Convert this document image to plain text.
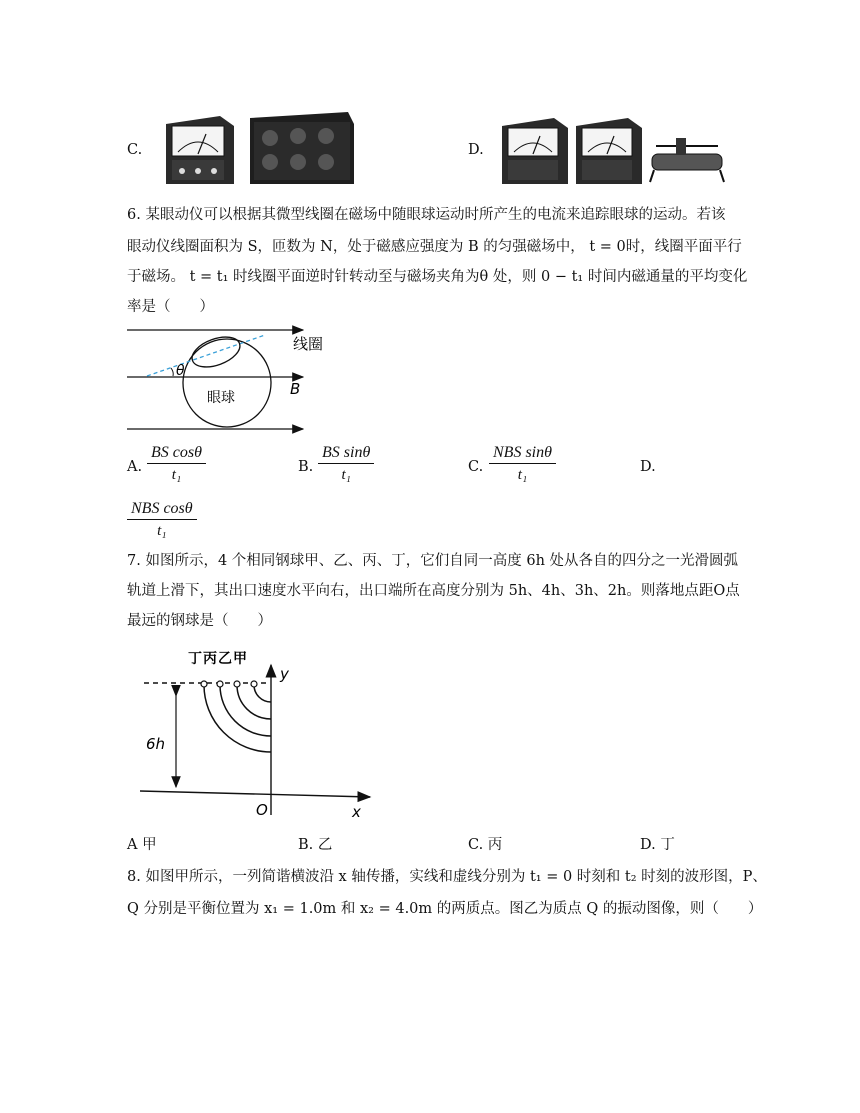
C.	D.
6. 某眼动仪可以根据其微型线圈在磁场中随眼球运动时所产生的电流来追踪眼球的运动。若该
眼动仪线圈面积为 S，匝数为 N，处于磁感应强度为 B 的匀强磁场中， t = 0时，线圈平面平行
于磁场。 t = t₁ 时线圈平面逆时针转动至与磁场夹角为θ 处，则 0 − t₁ 时间内磁通量的平均变化
率是（　　）
θ
线圈
眼球	B
A. $\frac{\text{BS cosθ}}{\text{t₁}}$	B. $\frac{\text{BS sinθ}}{\text{t₁}}$	C.
NBS sinθ
t₁	D.
NBS cosθ
t₁
7. 如图所示，4 个相同钢球甲、乙、丙、丁，它们自同一高度 6h 处从各自的四分之一光滑圆弧
轨道上滑下，其出口速度水平向右，出口端所在高度分别为 5h、4h、3h、2h。则落地点距O点
最远的钢球是（　　）
6h
丁丙乙甲
y
x
O
A 甲	B. 乙	C. 丙	D. 丁
8. 如图甲所示，一列简谐横波沿 x 轴传播，实线和虚线分别为 t₁ = 0 时刻和 t₂ 时刻的波形图，P、
Q 分别是平衡位置为 x₁ = 1.0m 和 x₂ = 4.0m 的两质点。图乙为质点 Q 的振动图像，则（　　）
